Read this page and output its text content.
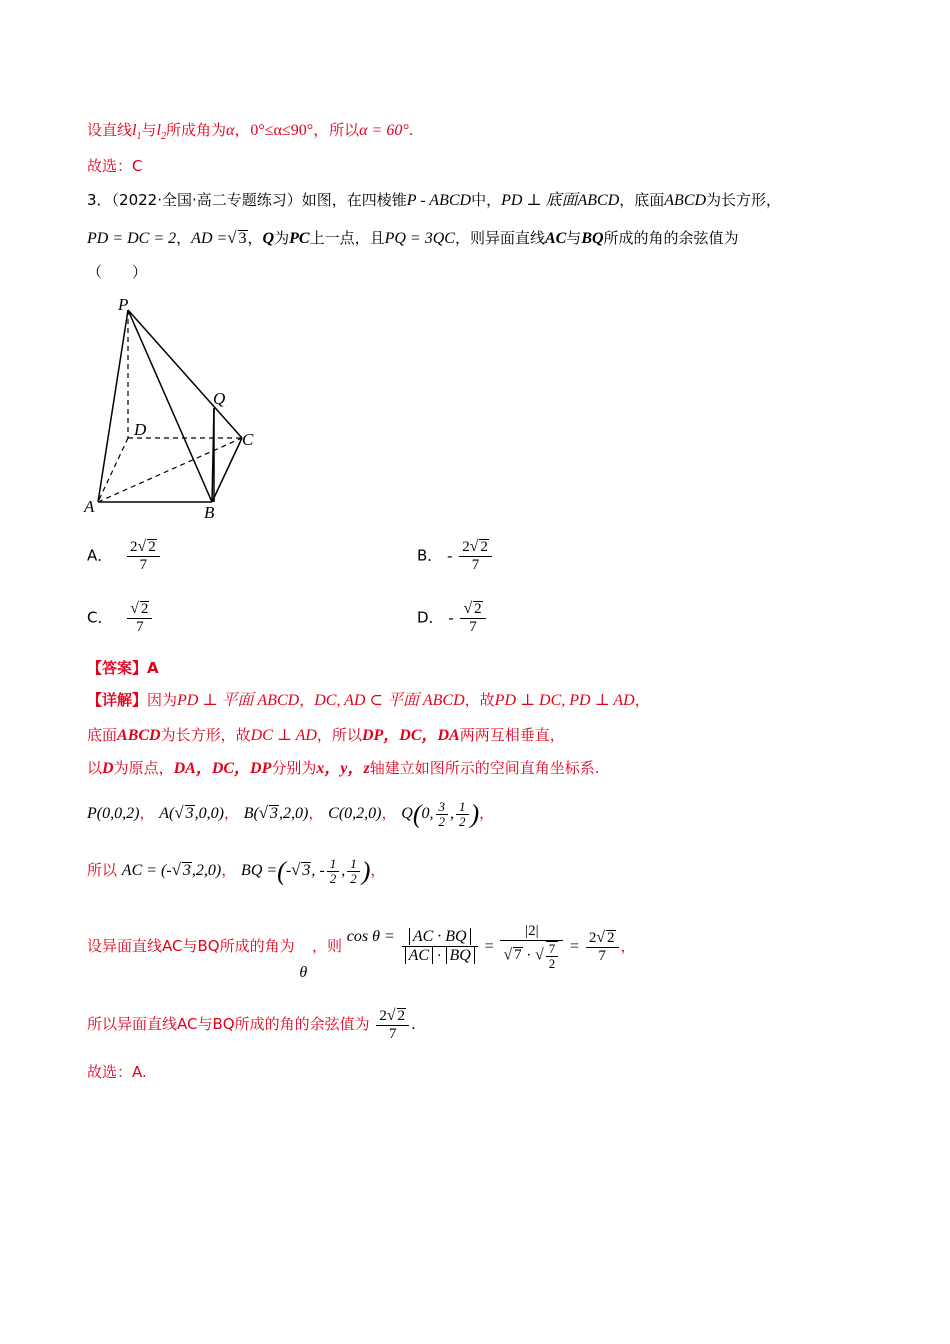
设直线$l_1$与$l_2$所成角为α，0°≤α≤90°，所以α = 60°.
故选：C
3．（2022·全国·高二专题练习）如图，在四棱锥P - ABCD中，PD ⊥ 底面ABCD，底面ABCD为长方形，
PD = DC = 2，AD =√ 3，Q为PC上一点，且PQ = 3QC，则异面直线AC与BQ所成的角的余弦值为
（　　）
P
Q
D
C
A	B
A． $\frac{2√ 2}{7}$	B． - $\frac{2√ 2}{7}$
C． $\frac{√ 2}{7}$	D． - $\frac{√ 2}{7}$
【答案】A
【详解】因为PD ⊥ 平面 ABCD，DC, AD ⊂ 平面 ABCD，故PD ⊥ DC, PD ⊥ AD，
底面ABCD为长方形，故DC ⊥ AD，所以DP，DC，DA两两互相垂直，
以D为原点，DA，DC，DP分别为x，y，z轴建立如图所示的空间直角坐标系.
P(0,0,2)， A(√ 3,0,0)， B(√ 3,2,0)， C(0,2,0)， Q(0, $\frac{3}{2}$ , $\frac{1}{2}$ )，
所以 AC = (-√ 3,2,0)， BQ =(-√ 3, - $\frac{1}{2}$ , $\frac{1}{2}$ )，
设异面直线AC与BQ所成的角为 θ ，则 $\cos \theta = \frac{AC \cdot BQ}{AC \cdot BQ} = \frac{|2|}{√ 7 \cdot √ \frac{7}{2}} = \frac{2√ 2}{7}$ ，
所以异面直线AC与BQ所成的角的余弦值为 $\frac{2√ 2}{7}$ .
故选：A.
